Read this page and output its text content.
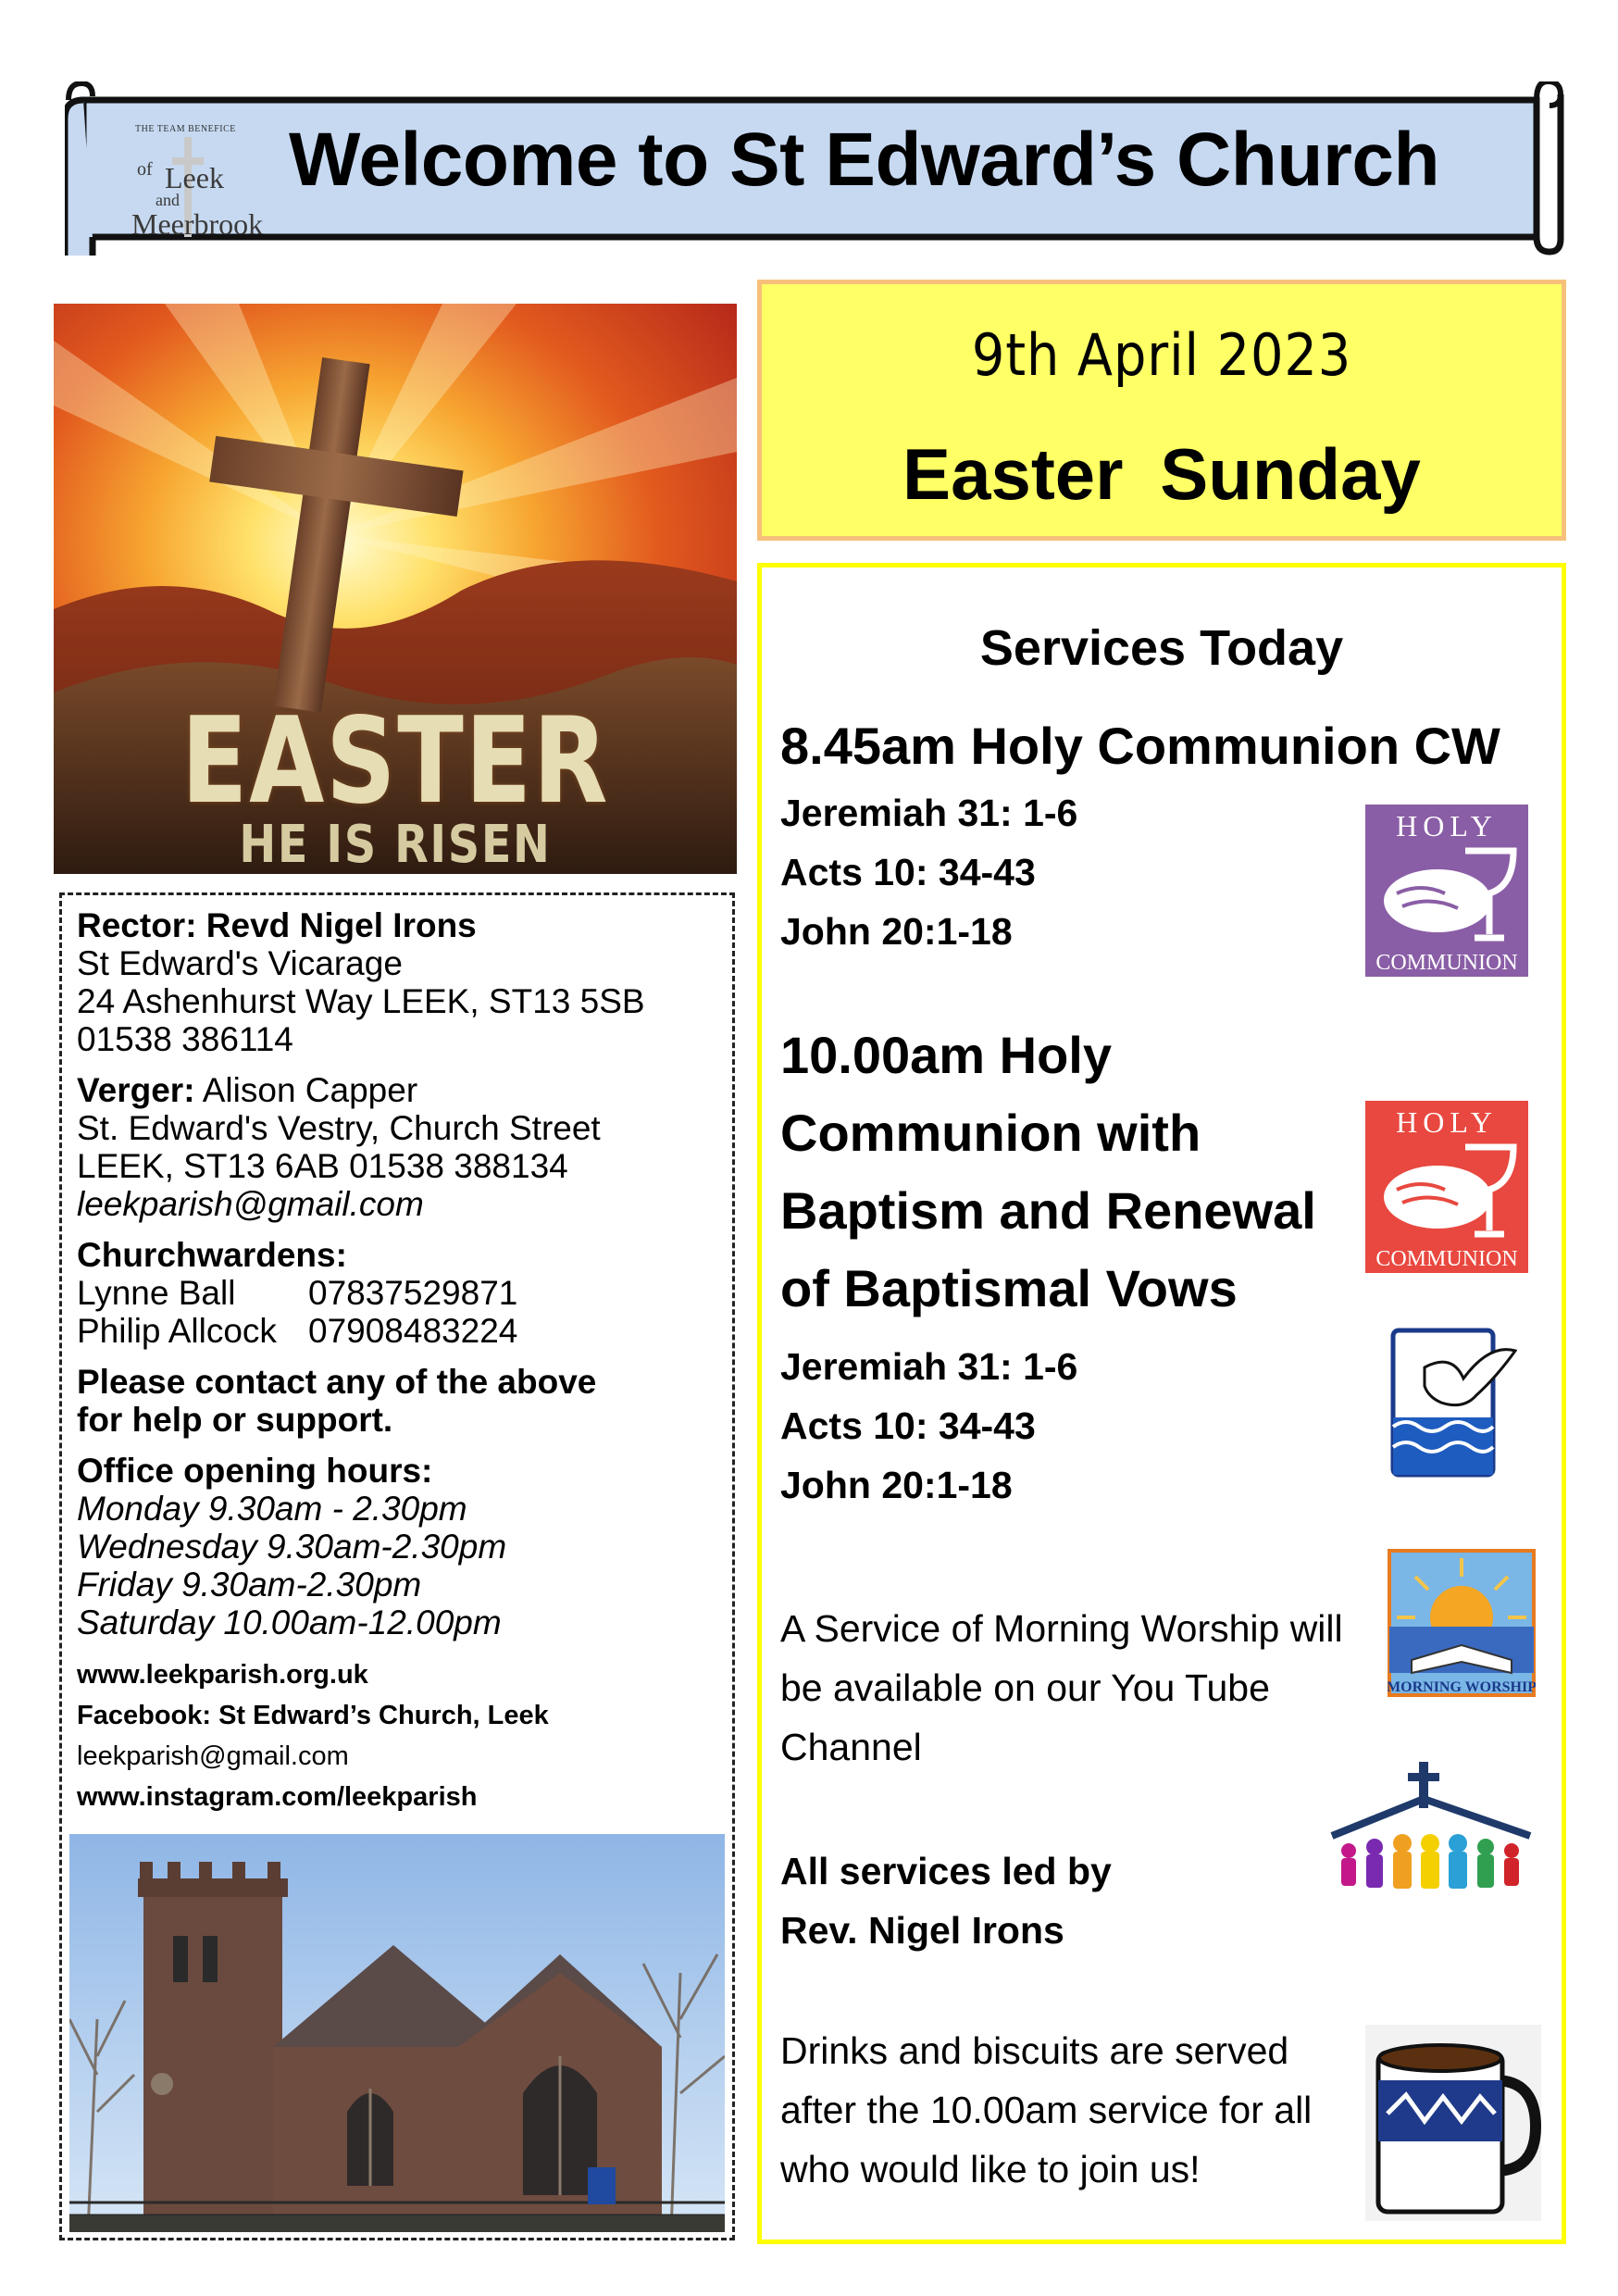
THE TEAM BENEFICE
of Leek
and
Meerbrook
Welcome to St Edward’s Church
EASTER
HE IS RISEN
Rector: Revd Nigel Irons
St Edward's Vicarage
24 Ashenhurst Way LEEK, ST13 5SB
01538 386114
Verger: Alison Capper
St. Edward's Vestry, Church Street
LEEK, ST13 6AB 01538 388134
leekparish@gmail.com
Churchwardens:
Lynne Ball 07837529871
Philip Allcock 07908483224
Please contact any of the above
for help or support.
Office opening hours:
Monday 9.30am - 2.30pm
Wednesday 9.30am-2.30pm
Friday 9.30am-2.30pm
Saturday 10.00am-12.00pm
www.leekparish.org.uk
Facebook: St Edward’s Church, Leek
leekparish@gmail.com
www.instagram.com/leekparish
9th April 2023
Easter Sunday
Services Today
8.45am Holy Communion CW
Jeremiah 31: 1-6
Acts 10: 34-43
John 20:1-18
10.00am Holy
Communion with
Baptism and Renewal
of Baptismal Vows
Jeremiah 31: 1-6
Acts 10: 34-43
John 20:1-18
A Service of Morning Worship will be available on our You Tube Channel
All services led by
Rev. Nigel Irons
Drinks and biscuits are served after the 10.00am service for all who would like to join us!
HOLY
COMMUNION
HOLY
COMMUNION
MORNING WORSHIP
